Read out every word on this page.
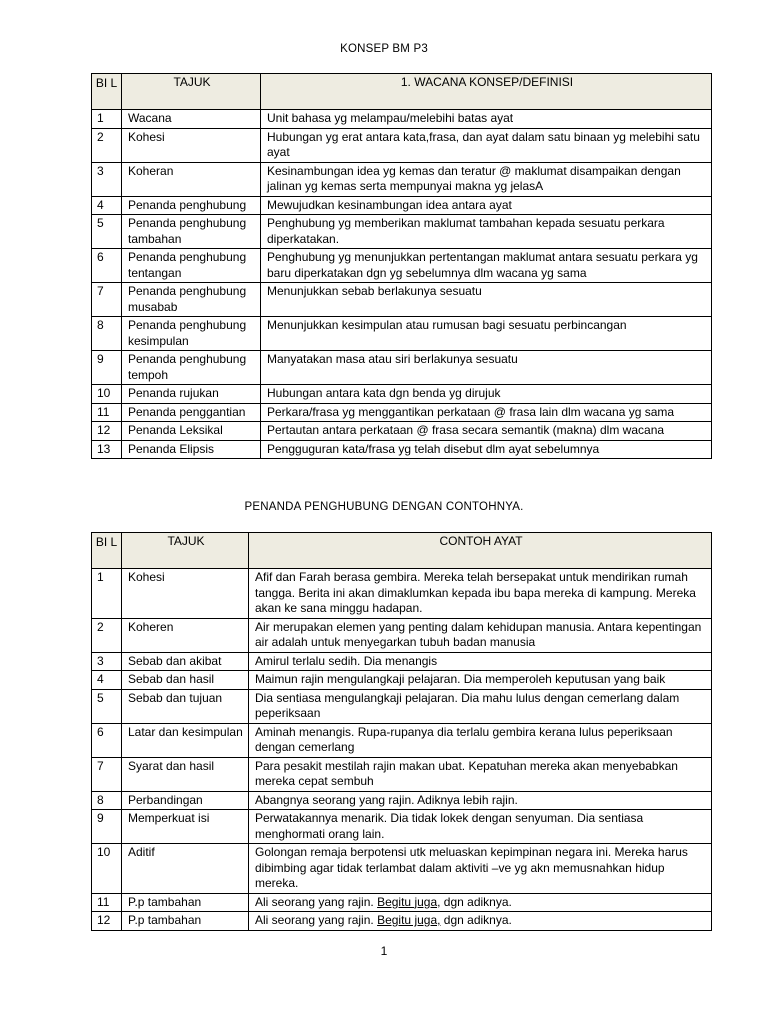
KONSEP BM P3
BI L	TAJUK	1. WACANA KONSEP/DEFINISI
1	Wacana	Unit bahasa yg melampau/melebihi batas ayat
2	Kohesi	Hubungan yg erat antara kata,frasa, dan ayat dalam satu binaan yg melebihi satu ayat
3	Koheran	Kesinambungan idea yg kemas dan teratur @ maklumat disampaikan dengan jalinan yg kemas serta mempunyai makna yg jelasA
4	Penanda penghubung	Mewujudkan kesinambungan idea antara ayat
5	Penanda penghubung tambahan	Penghubung yg memberikan maklumat tambahan kepada sesuatu perkara diperkatakan.
6	Penanda penghubung tentangan	Penghubung yg menunjukkan pertentangan maklumat antara sesuatu perkara yg baru diperkatakan dgn yg sebelumnya dlm wacana yg sama
7	Penanda penghubung musabab	Menunjukkan sebab berlakunya sesuatu
8	Penanda penghubung kesimpulan	Menunjukkan kesimpulan atau rumusan bagi sesuatu perbincangan
9	Penanda penghubung tempoh	Manyatakan masa atau siri berlakunya sesuatu
10	Penanda rujukan	Hubungan antara kata dgn benda yg dirujuk
11	Penanda penggantian	Perkara/frasa yg menggantikan perkataan @ frasa lain dlm wacana yg sama
12	Penanda Leksikal	Pertautan antara perkataan @ frasa secara semantik (makna) dlm wacana
13	Penanda Elipsis	Pengguguran kata/frasa yg telah disebut dlm ayat sebelumnya
PENANDA PENGHUBUNG DENGAN CONTOHNYA.
BI L	TAJUK	CONTOH AYAT
1	Kohesi	Afif dan Farah berasa gembira. Mereka telah bersepakat untuk mendirikan rumah tangga. Berita ini akan dimaklumkan kepada ibu bapa mereka di kampung. Mereka akan ke sana minggu hadapan.
2	Koheren	Air merupakan elemen yang penting dalam kehidupan manusia. Antara kepentingan air adalah untuk menyegarkan tubuh badan manusia
3	Sebab dan akibat	Amirul terlalu sedih. Dia menangis
4	Sebab dan hasil	Maimun rajin mengulangkaji pelajaran. Dia memperoleh keputusan yang baik
5	Sebab dan tujuan	Dia sentiasa mengulangkaji pelajaran. Dia mahu lulus dengan cemerlang dalam peperiksaan
6	Latar dan kesimpulan	Aminah menangis. Rupa-rupanya dia terlalu gembira kerana lulus peperiksaan dengan cemerlang
7	Syarat dan hasil	Para pesakit mestilah rajin makan ubat. Kepatuhan mereka akan menyebabkan mereka cepat sembuh
8	Perbandingan	Abangnya seorang yang rajin. Adiknya lebih rajin.
9	Memperkuat isi	Perwatakannya menarik. Dia tidak lokek dengan senyuman. Dia sentiasa menghormati orang lain.
10	Aditif	Golongan remaja berpotensi utk meluaskan kepimpinan negara ini. Mereka harus dibimbing agar tidak terlambat dalam aktiviti –ve yg akn memusnahkan hidup mereka.
11	P.p tambahan	Ali seorang yang rajin. Begitu juga, dgn adiknya.
12	P.p tambahan	Ali seorang yang rajin. Begitu juga, dgn adiknya.
1
